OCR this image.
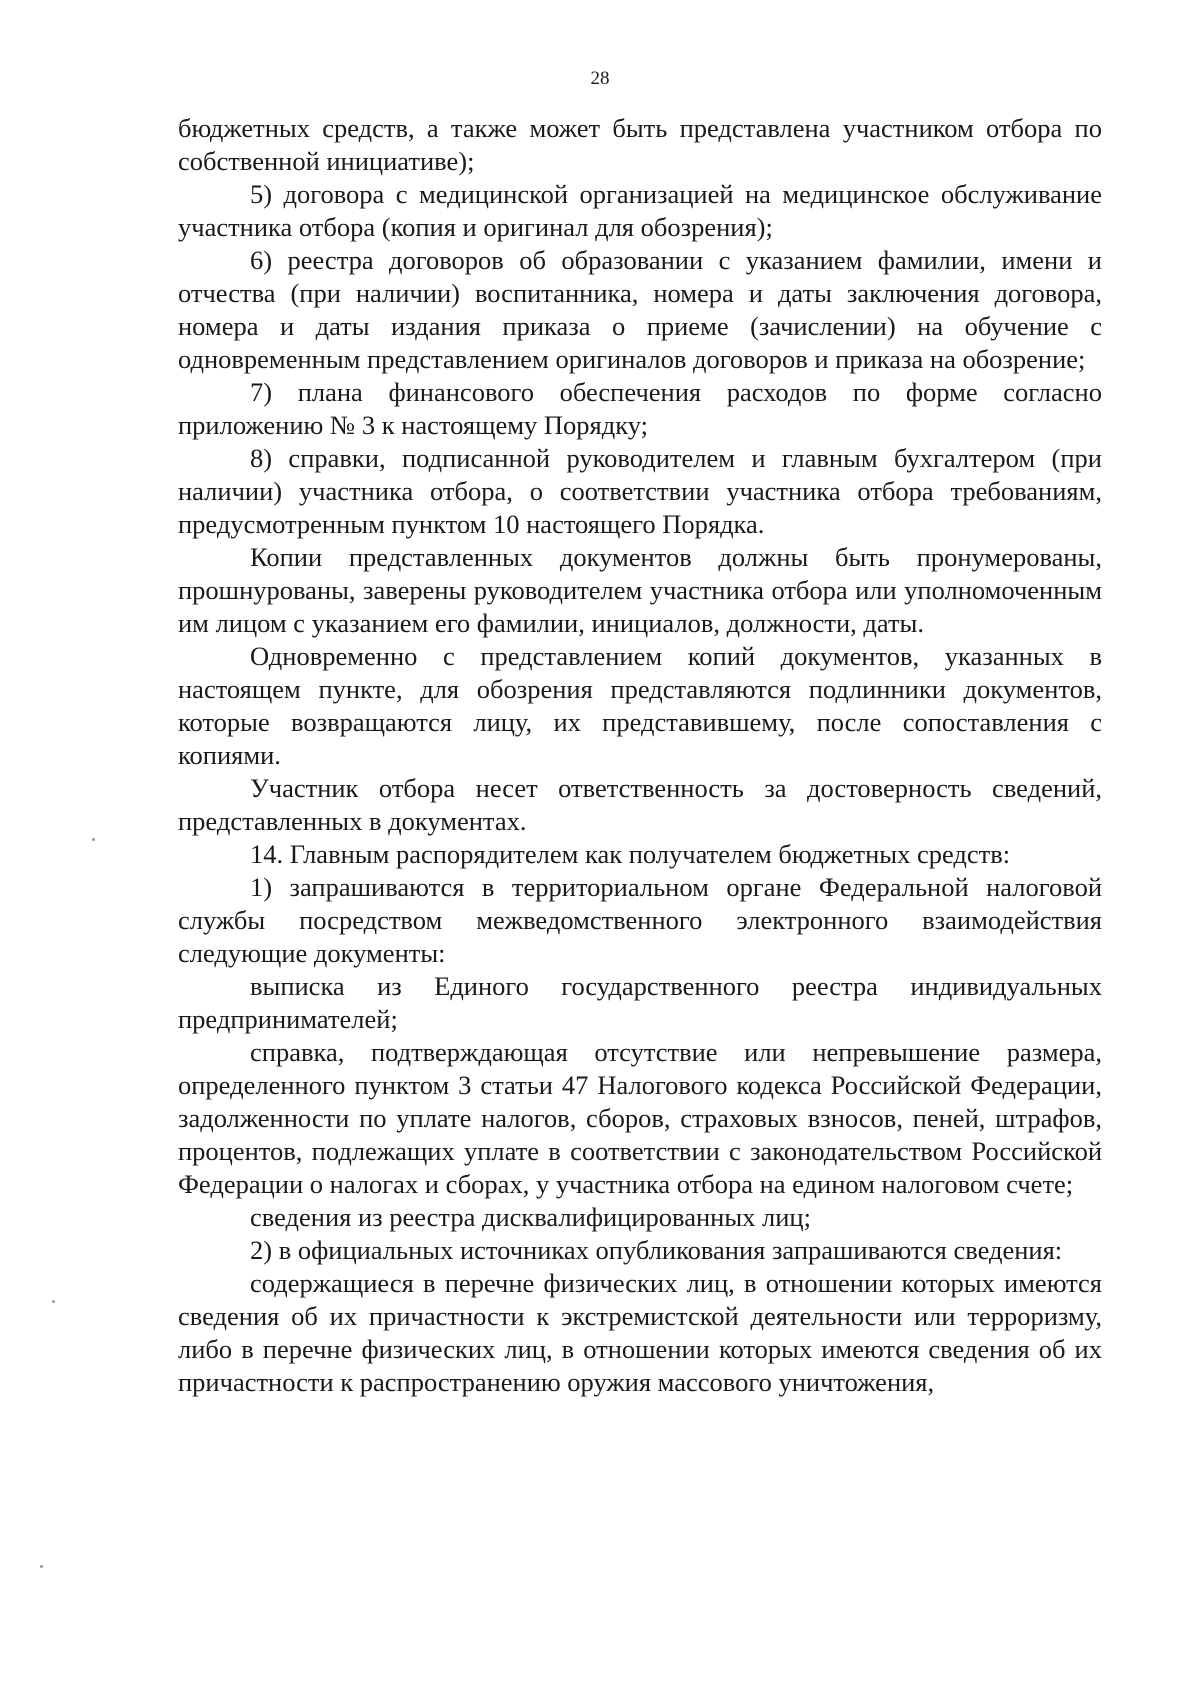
28

бюджетных средств, а также может быть представлена участником отбора по собственной инициативе);

5) договора с медицинской организацией на медицинское обслуживание участника отбора (копия и оригинал для обозрения);

6) реестра договоров об образовании с указанием фамилии, имени и отчества (при наличии) воспитанника, номера и даты заключения договора, номера и даты издания приказа о приеме (зачислении) на обучение с одновременным представлением оригиналов договоров и приказа на обозрение;

7) плана финансового обеспечения расходов по форме согласно приложению № 3 к настоящему Порядку;

8) справки, подписанной руководителем и главным бухгалтером (при наличии) участника отбора, о соответствии участника отбора требованиям, предусмотренным пунктом 10 настоящего Порядка.

Копии представленных документов должны быть пронумерованы, прошнурованы, заверены руководителем участника отбора или уполномоченным им лицом с указанием его фамилии, инициалов, должности, даты.

Одновременно с представлением копий документов, указанных в настоящем пункте, для обозрения представляются подлинники документов, которые возвращаются лицу, их представившему, после сопоставления с копиями.

Участник отбора несет ответственность за достоверность сведений, представленных в документах.

14. Главным распорядителем как получателем бюджетных средств:

1) запрашиваются в территориальном органе Федеральной налоговой службы посредством межведомственного электронного взаимодействия следующие документы:

выписка из Единого государственного реестра индивидуальных предпринимателей;

справка, подтверждающая отсутствие или непревышение размера, определенного пунктом 3 статьи 47 Налогового кодекса Российской Федерации, задолженности по уплате налогов, сборов, страховых взносов, пеней, штрафов, процентов, подлежащих уплате в соответствии с законодательством Российской Федерации о налогах и сборах, у участника отбора на едином налоговом счете;

сведения из реестра дисквалифицированных лиц;

2) в официальных источниках опубликования запрашиваются сведения:

содержащиеся в перечне физических лиц, в отношении которых имеются сведения об их причастности к экстремистской деятельности или терроризму, либо в перечне физических лиц, в отношении которых имеются сведения об их причастности к распространению оружия массового уничтожения,
